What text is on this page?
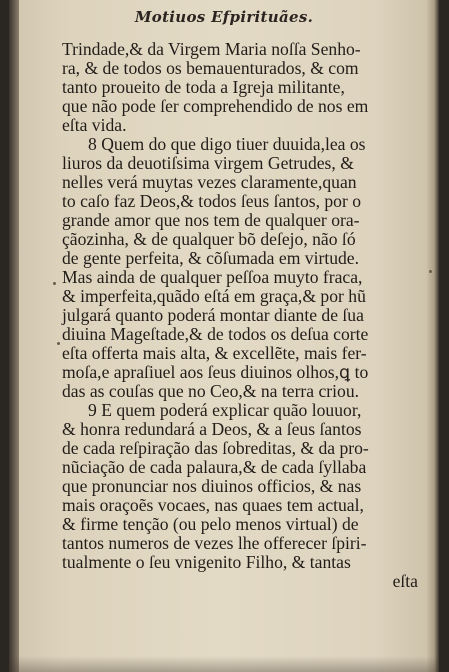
Motiuos Efpirituães.
Trindade,& da Virgem Maria noſſa Senho-
ra, & de todos os bemauenturados, & com
tanto proueito de toda a Igreja militante,
que não pode ſer comprehendido de nos em
eſta vida.
8 Quem do que digo tiuer duuida,lea os
liuros da deuotiſsima virgem Getrudes, &
nelles verá muytas vezes claramente,quan
to caſo faz Deos,& todos ſeus ſantos, por o
grande amor que nos tem de qualquer ora-
çãozinha, & de qualquer bõ deſejo, não ſó
de gente perfeita, & cõſumada em virtude.
Mas ainda de qualquer peſſoa muyto fraca,
& imperfeita,quãdo eſtá em graça,& por hũ
julgará quanto poderá montar diante de ſua
diuina Mageſtade,& de todos os deſua corte
eſta offerta mais alta, & excellẽte, mais fer-
moſa,e apraſiuel aos ſeus diuinos olhos,ꝗ to
das as couſas que no Ceo,& na terra criou.
9 E quem poderá explicar quão louuor,
& honra redundará a Deos, & a ſeus ſantos
de cada reſpiração das ſobreditas, & da pro-
nũciação de cada palaura,& de cada ſyllaba
que pronunciar nos diuinos officios, & nas
mais oraçoẽs vocaes, nas quaes tem actual,
& firme tenção (ou pelo menos virtual) de
tantos numeros de vezes lhe offerecer ſpiri-
tualmente o ſeu vnigenito Filho, & tantas
eſta
